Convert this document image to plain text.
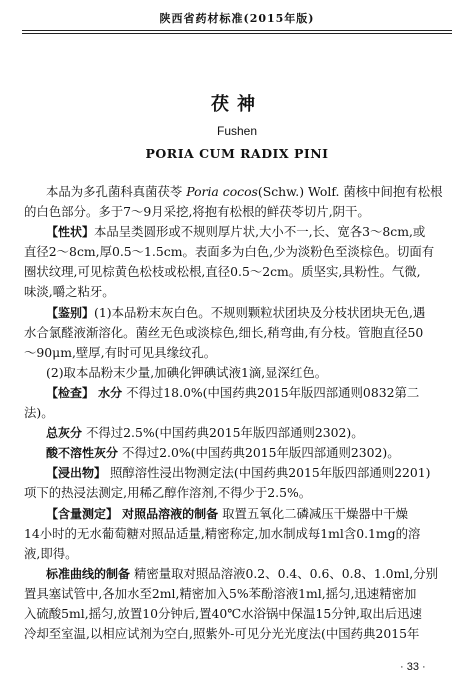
陕西省药材标准(2015年版)
茯神
Fushen
PORIA CUM RADIX PINI
本品为多孔菌科真菌茯苓 Poria cocos(Schw.) Wolf. 菌核中间抱有松根
的白色部分。多于7～9月采挖,将抱有松根的鲜茯苓切片,阴干。
【性状】本品呈类圆形或不规则厚片状,大小不一,长、宽各3～8cm,或
直径2～8cm,厚0.5～1.5cm。表面多为白色,少为淡粉色至淡棕色。切面有
圈状纹理,可见棕黄色松枝或松根,直径0.5～2cm。质坚实,具粉性。气微,
味淡,嚼之粘牙。
【鉴别】(1)本品粉末灰白色。不规则颗粒状团块及分枝状团块无色,遇
水合氯醛液渐溶化。菌丝无色或淡棕色,细长,稍弯曲,有分枝。管胞直径50
～90μm,壁厚,有时可见具缘纹孔。
(2)取本品粉末少量,加碘化钾碘试液1滴,显深红色。
【检查】 水分 不得过18.0%(中国药典2015年版四部通则0832第二
法)。
总灰分 不得过2.5%(中国药典2015年版四部通则2302)。
酸不溶性灰分 不得过2.0%(中国药典2015年版四部通则2302)。
【浸出物】 照醇溶性浸出物测定法(中国药典2015年版四部通则2201)
项下的热浸法测定,用稀乙醇作溶剂,不得少于2.5%。
【含量测定】 对照品溶液的制备 取置五氧化二磷减压干燥器中干燥
14小时的无水葡萄糖对照品适量,精密称定,加水制成每1ml含0.1mg的溶
液,即得。
标准曲线的制备 精密量取对照品溶液0.2、0.4、0.6、0.8、1.0ml,分别
置具塞试管中,各加水至2ml,精密加入5%苯酚溶液1ml,摇匀,迅速精密加
入硫酸5ml,摇匀,放置10分钟后,置40℃水浴锅中保温15分钟,取出后迅速
冷却至室温,以相应试剂为空白,照紫外-可见分光光度法(中国药典2015年
· 33 ·
